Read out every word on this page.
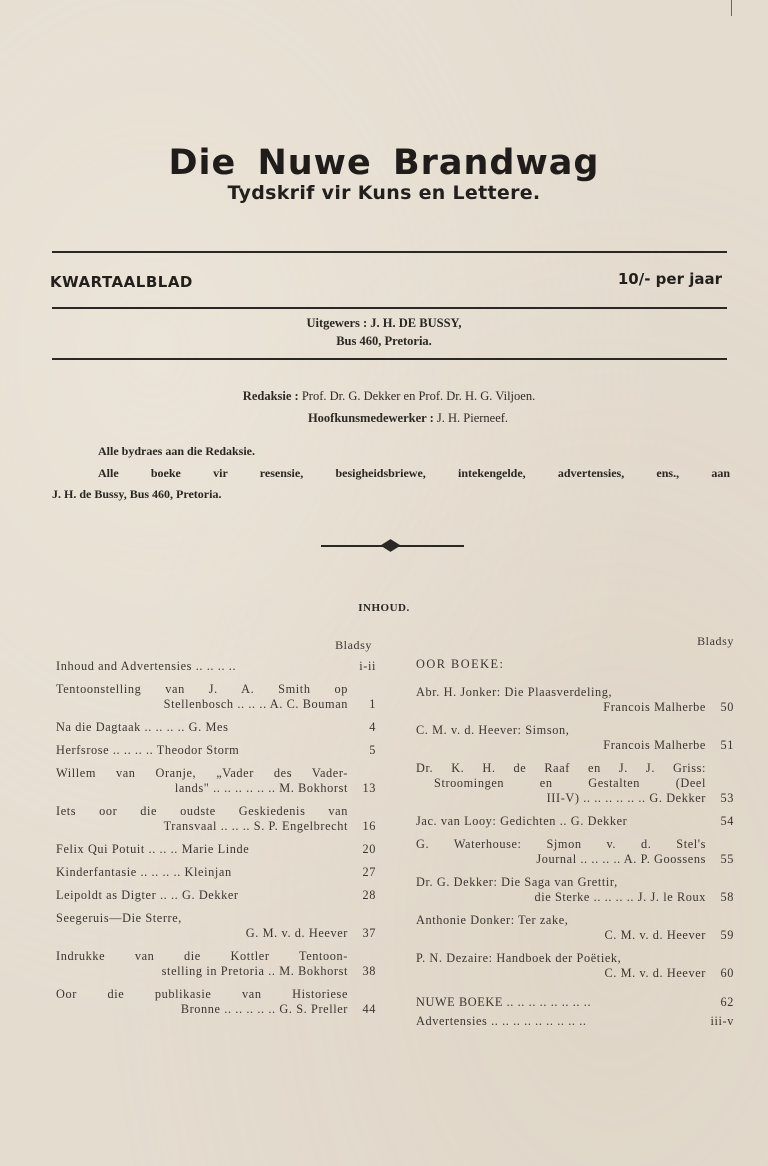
Die Nuwe Brandwag
Tydskrif vir Kuns en Lettere.
KWARTAALBLAD	10/- per jaar
Uitgewers : J. H. DE BUSSY,
Bus 460, Pretoria.
Redaksie : Prof. Dr. G. Dekker en Prof. Dr. H. G. Viljoen.
Hoofkunsmedewerker : J. H. Pierneef.
Alle bydraes aan die Redaksie.
Alle boeke vir resensie, besigheidsbriewe, intekengelde, advertensies, ens., aan
J. H. de Bussy, Bus 460, Pretoria.
INHOUD.
Bladsy
Inhoud and Advertensies .. .. .. ..	i-ii
Tentoonstelling van J. A. Smith op
Stellenbosch .. .. .. A. C. Bouman	1
Na die Dagtaak .. .. .. .. G. Mes	4
Herfsrose .. .. .. .. Theodor Storm	5
Willem van Oranje, „Vader des Vader-
lands" .. .. .. .. .. .. M. Bokhorst	13
Iets oor die oudste Geskiedenis van
Transvaal .. .. .. S. P. Engelbrecht	16
Felix Qui Potuit .. .. .. Marie Linde	20
Kinderfantasie .. .. .. .. Kleinjan	27
Leipoldt as Digter .. .. G. Dekker	28
Seegeruis—Die Sterre,
G. M. v. d. Heever	37
Indrukke van die Kottler Tentoon-
stelling in Pretoria .. M. Bokhorst	38
Oor die publikasie van Historiese
Bronne .. .. .. .. .. G. S. Preller	44
Bladsy
OOR BOEKE:
Abr. H. Jonker: Die Plaasverdeling,
Francois Malherbe	50
C. M. v. d. Heever: Simson,
Francois Malherbe	51
Dr. K. H. de Raaf en J. J. Griss:
Stroomingen en Gestalten (Deel
III-V) .. .. .. .. .. .. G. Dekker	53
Jac. van Looy: Gedichten .. G. Dekker	54
G. Waterhouse: Sjmon v. d. Stel's
Journal .. .. .. .. A. P. Goossens	55
Dr. G. Dekker: Die Saga van Grettir,
die Sterke .. .. .. .. J. J. le Roux	58
Anthonie Donker: Ter zake,
C. M. v. d. Heever	59
P. N. Dezaire: Handboek der Poëtiek,
C. M. v. d. Heever	60
NUWE BOEKE .. .. .. .. .. .. .. ..	62
Advertensies .. .. .. .. .. .. .. .. ..	iii-v
